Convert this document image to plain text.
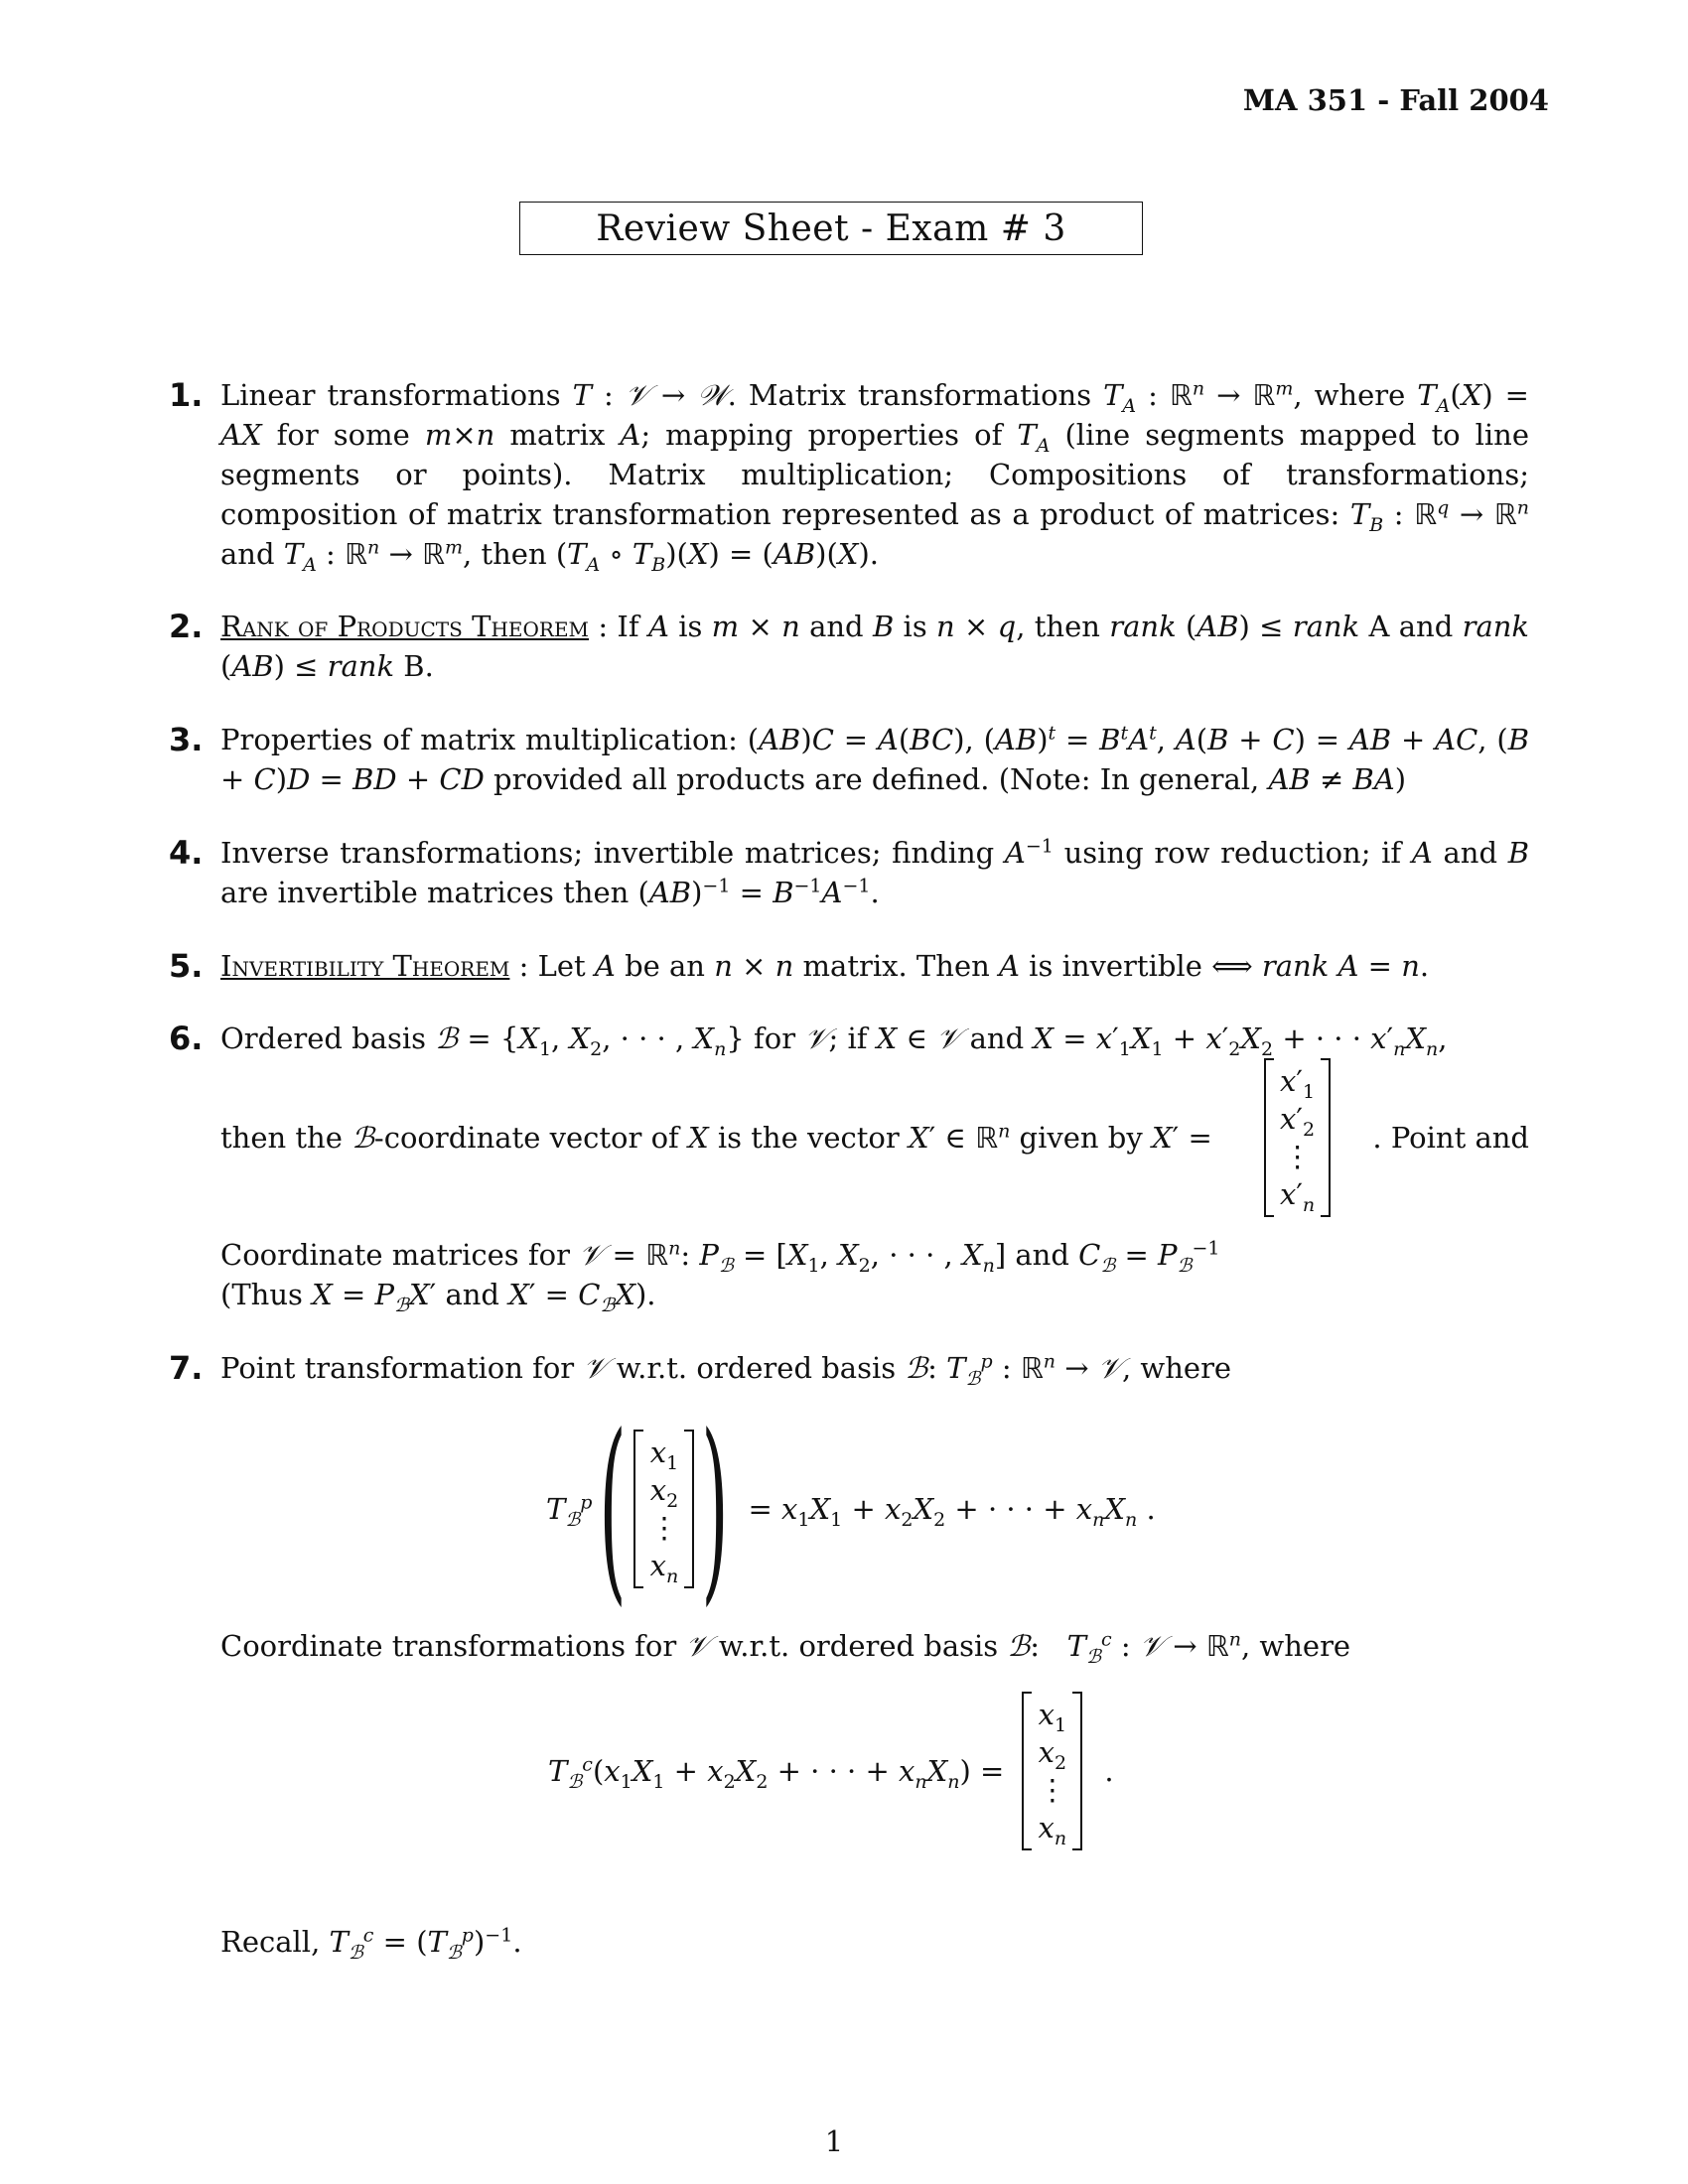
MA 351 - Fall 2004
Review Sheet - Exam # 3
1. Linear transformations T : 𝒱 → 𝒲. Matrix transformations $T_A$ : ℝ$^n$ → ℝ$^m$, where $T_A(X)$ = AX for some m×n matrix A; mapping properties of $T_A$ (line segments mapped to line segments or points). Matrix multiplication; Compositions of transformations; composition of matrix transformation represented as a product of matrices: $T_B$ : ℝ$^q$ → ℝ$^n$ and $T_A$ : ℝ$^n$ → ℝ$^m$, then ($T_A$ ∘ $T_B)(X) = (AB)(X)$.
2. Rank of Products Theorem : If A is m × n and B is n × q, then rank (AB) ≤ rank A and rank (AB) ≤ rank B.
3. Properties of matrix multiplication: (AB)C = A(BC), $(AB)^t = B^tA^t$, A(B + C) = AB + AC, (B + C)D = BD + CD provided all products are defined. (Note: In general, AB ≠ BA)
4. Inverse transformations; invertible matrices; finding $A^{-1}$ using row reduction; if A and B are invertible matrices then $(AB)^{-1} = B^{-1}A^{-1}$.
5. Invertibility Theorem : Let A be an n × n matrix. Then A is invertible ⟺ rank A = n.
6. Ordered basis ℬ = {$X_1$, $X_2$, · · · , $X_n$} for 𝒱; if X ∈ 𝒱 and $X = x'_1X_1 + x'_2X_2$ + · · · $x'_nX_n$,
then the ℬ-coordinate vector of X is the vector X′ ∈ ℝ$^n$ given by X′ =
$x'_1$
$x'_2$
⋮
$x'_n$
. Point and
Coordinate matrices for 𝒱 = ℝ$^n$: $P_ℬ = [X_1$, $X_2$, · · · , $X_n$] and $C_ℬ = P_ℬ^{-1}$
(Thus $X = P_ℬX'$ and $X' = C_ℬX$).
7. Point transformation for 𝒱 w.r.t. ordered basis ℬ: $T_ℬ^p$ : ℝ$^n$ → 𝒱, where
$T_ℬ^p$ ( $x_1$
$x_2$
⋮
$x_n$ ) = $x_1X_1 + x_2X_2$ + · · · + $x_nX_n$ .
Coordinate transformations for 𝒱 w.r.t. ordered basis ℬ:   $T_ℬ^c$ : 𝒱 → ℝ$^n$, where
$T_ℬ^c(x_1X_1 + x_2X_2$ + · · · + $x_nX_n$) =
$x_1$
$x_2$
⋮
$x_n$
.
Recall, $T_ℬ^c = (T_ℬ^p)^{-1}$.
1
